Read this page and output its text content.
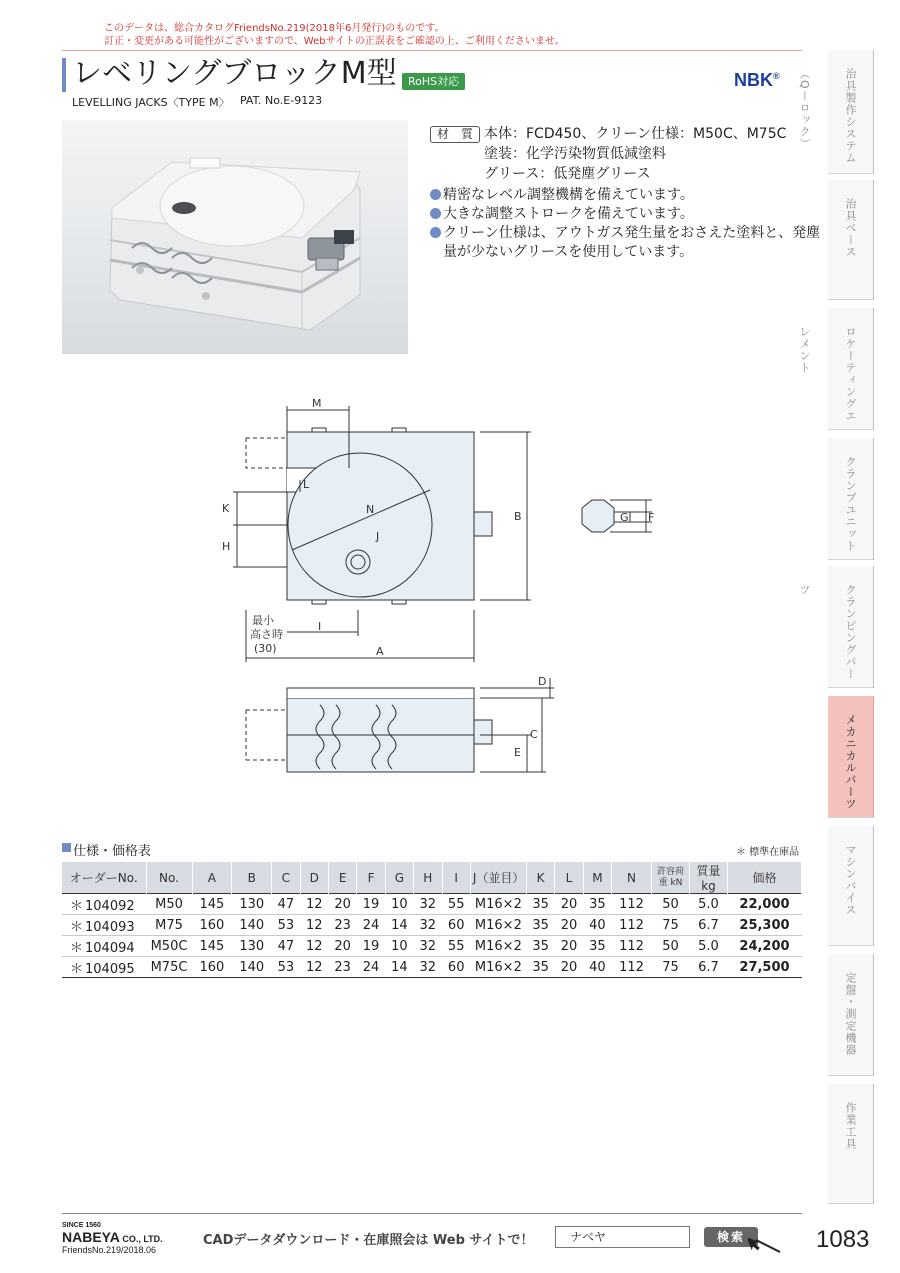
このデータは、総合カタログFriendsNo.219(2018年6月発行)のものです。
訂正・変更がある可能性がございますので、Webサイトの正誤表をご確認の上、ご利用くださいませ。
レベリングブロックM型	RoHS対応	NBK®
LEVELLING JACKS〈TYPE M〉 PAT. No.E-9123
材　質 本体：FCD450、クリーン仕様：M50C、M75C
塗装：化学汚染物質低減塗料
グリース：低発塵グリース
精密なレベル調整機構を備えています。
大きな調整ストロークを備えています。
クリーン仕様は、アウトガス発生量をおさえた塗料と、発塵
量が少ないグリースを使用しています。
M
L
K	N
J
H
B
I
A
G F
D
C
E
最小
高さ時
(30)
治具製作システム（Qーロック）
治具ベース
ロケーティングエレメント
クランプユニット
クランピングパーツ
メカニカルパーツ
マシンバイス
定盤・測定機器
作業工具
仕様・価格表	＊ 標準在庫品
オーダーNo.	No.	A	B	C	D	E	F	G	H	I	J（並目）	K	L	M	N	許容荷重 kN	質量kg	価格
＊ 104092	M50	145	130	47	12	20	19	10	32	55	M16×2	35	20	35	112	50	5.0	22,000
＊ 104093	M75	160	140	53	12	23	24	14	32	60	M16×2	35	20	40	112	75	6.7	25,300
＊ 104094	M50C	145	130	47	12	20	19	10	32	55	M16×2	35	20	35	112	50	5.0	24,200
＊ 104095	M75C	160	140	53	12	23	24	14	32	60	M16×2	35	20	40	112	75	6.7	27,500
SINCE 1560
NABEYA CO., LTD.
FriendsNo.219/2018.06
CADデータダウンロード・在庫照会は Web サイトで！	ナベヤ	検索	1083
